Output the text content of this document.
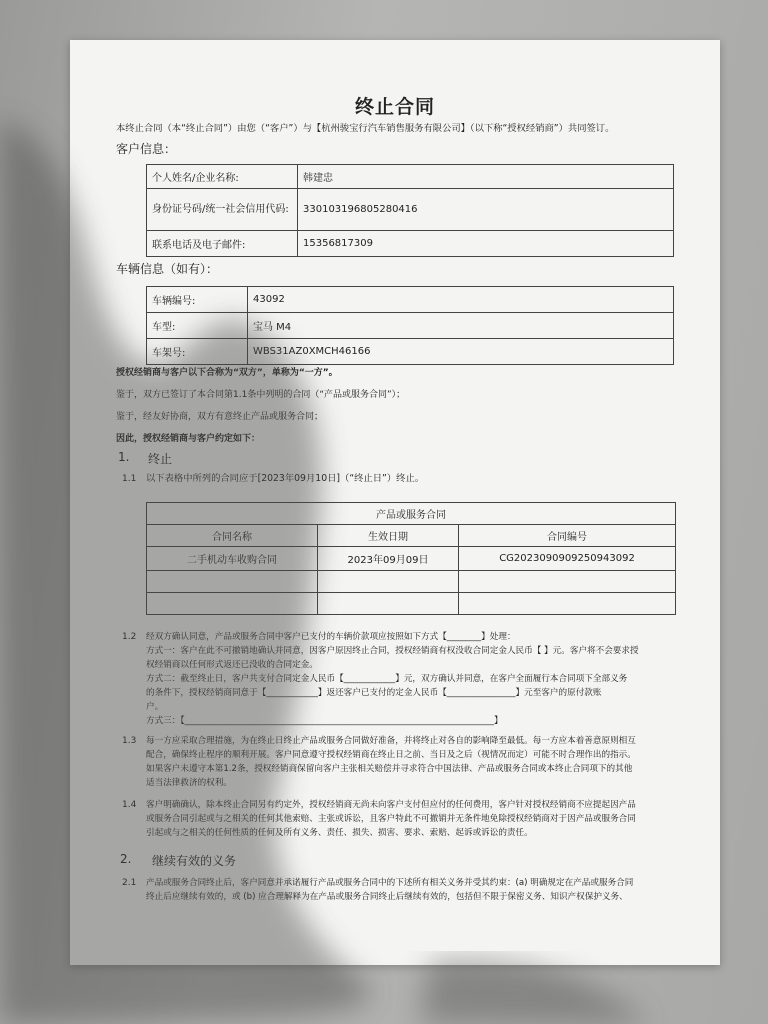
终止合同
本终止合同（本“终止合同”）由您（“客户”）与【杭州骏宝行汽车销售服务有限公司】（以下称“授权经销商”）共同签订。
客户信息：
个人姓名/企业名称:	韩建忠
身份证号码/统一社会信用代码:	330103196805280416
联系电话及电子邮件:	15356817309
车辆信息（如有）：
车辆编号:	43092
车型:	宝马 M4
车架号:	WBS31AZ0XMCH46166
授权经销商与客户以下合称为“双方”，单称为“一方”。
鉴于，双方已签订了本合同第1.1条中列明的合同（“产品或服务合同”）；
鉴于，经友好协商，双方有意终止产品或服务合同；
因此，授权经销商与客户约定如下：
1. 终止
1.1 以下表格中所列的合同应于[2023年09月10日]（“终止日”）终止。
产品或服务合同		
合同名称	生效日期	合同编号
二手机动车收购合同	2023年09月09日	CG2023090909250943092

1.2 经双方确认同意，产品或服务合同中客户已支付的车辆价款项应按照如下方式【________】处理：
方式一：客户在此不可撤销地确认并同意，因客户原因终止合同，授权经销商有权没收合同定金人民币【 】元。客户将不会要求授
权经销商以任何形式返还已没收的合同定金。
方式二：截至终止日，客户共支付合同定金人民币【____________】元，双方确认并同意，在客户全面履行本合同项下全部义务
的条件下，授权经销商同意于【____________】返还客户已支付的定金人民币【________________】元至客户的原付款账
户。
方式三：【________________________________________________________________________】
1.3 每一方应采取合理措施，为在终止日终止产品或服务合同做好准备，并将终止对各自的影响降至最低。每一方应本着善意原则相互
配合，确保终止程序的顺利开展。客户同意遵守授权经销商在终止日之前、当日及之后（视情况而定）可能不时合理作出的指示。
如果客户未遵守本第1.2条，授权经销商保留向客户主张相关赔偿并寻求符合中国法律、产品或服务合同或本终止合同项下的其他
适当法律救济的权利。
1.4 客户明确确认，除本终止合同另有约定外，授权经销商无尚未向客户支付但应付的任何费用，客户针对授权经销商不应提起因产品
或服务合同引起或与之相关的任何其他索赔、主张或诉讼，且客户特此不可撤销并无条件地免除授权经销商对于因产品或服务合同
引起或与之相关的任何性质的任何及所有义务、责任、损失、损害、要求、索赔、起诉或诉讼的责任。
2. 继续有效的义务
2.1 产品或服务合同终止后，客户同意并承诺履行产品或服务合同中的下述所有相关义务并受其约束：(a) 明确规定在产品或服务合同
终止后应继续有效的，或 (b) 应合理解释为在产品或服务合同终止后继续有效的，包括但不限于保密义务、知识产权保护义务、
